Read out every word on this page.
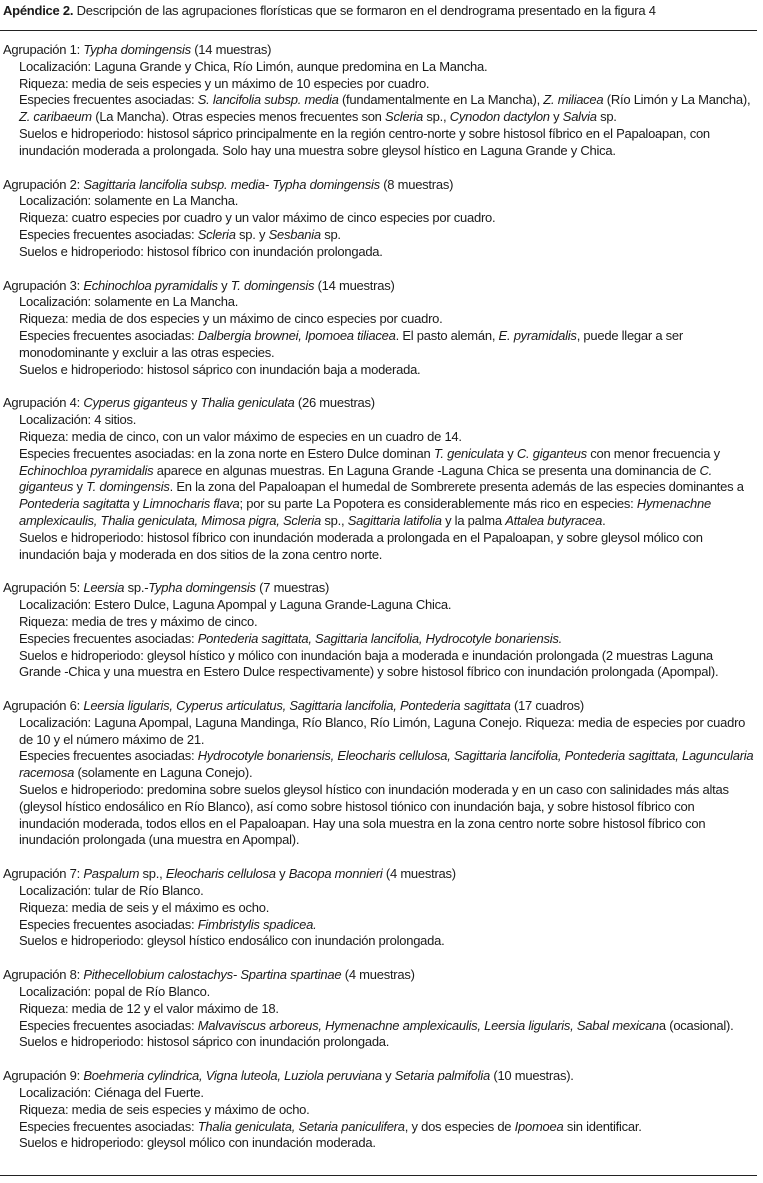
Apéndice 2. Descripción de las agrupaciones florísticas que se formaron en el dendrograma presentado en la figura 4
Agrupación 1: Typha domingensis (14 muestras)
Localización: Laguna Grande y Chica, Río Limón, aunque predomina en La Mancha.
Riqueza: media de seis especies y un máximo de 10 especies por cuadro.
Especies frecuentes asociadas: S. lancifolia subsp. media (fundamentalmente en La Mancha), Z. miliacea (Río Limón y La Mancha), Z. caribaeum (La Mancha). Otras especies menos frecuentes son Scleria sp., Cynodon dactylon y Salvia sp.
Suelos e hidroperiodo: histosol sáprico principalmente en la región centro-norte y sobre histosol fíbrico en el Papaloapan, con inundación moderada a prolongada. Solo hay una muestra sobre gleysol hístico en Laguna Grande y Chica.
Agrupación 2: Sagittaria lancifolia subsp. media- Typha domingensis (8 muestras)
Localización: solamente en La Mancha.
Riqueza: cuatro especies por cuadro y un valor máximo de cinco especies por cuadro.
Especies frecuentes asociadas: Scleria sp. y Sesbania sp.
Suelos e hidroperiodo: histosol fíbrico con inundación prolongada.
Agrupación 3: Echinochloa pyramidalis y T. domingensis (14 muestras)
Localización: solamente en La Mancha.
Riqueza: media de dos especies y un máximo de cinco especies por cuadro.
Especies frecuentes asociadas: Dalbergia brownei, Ipomoea tiliacea. El pasto alemán, E. pyramidalis, puede llegar a ser monodominante y excluir a las otras especies.
Suelos e hidroperiodo: histosol sáprico con inundación baja a moderada.
Agrupación 4: Cyperus giganteus y Thalia geniculata (26 muestras)
Localización: 4 sitios.
Riqueza: media de cinco, con un valor máximo de especies en un cuadro de 14.
Especies frecuentes asociadas: en la zona norte en Estero Dulce dominan T. geniculata y C. giganteus con menor frecuencia y Echinochloa pyramidalis aparece en algunas muestras. En Laguna Grande -Laguna Chica se presenta una dominancia de C. giganteus y T. domingensis. En la zona del Papaloapan el humedal de Sombrerete presenta además de las especies dominantes a Pontederia sagitatta y Limnocharis flava; por su parte La Popotera es considerablemente más rico en especies: Hymenachne amplexicaulis, Thalia geniculata, Mimosa pigra, Scleria sp., Sagittaria latifolia y la palma Attalea butyracea.
Suelos e hidroperiodo: histosol fíbrico con inundación moderada a prolongada en el Papaloapan, y sobre gleysol mólico con inundación baja y moderada en dos sitios de la zona centro norte.
Agrupación 5: Leersia sp.-Typha domingensis (7 muestras)
Localización: Estero Dulce, Laguna Apompal y Laguna Grande-Laguna Chica.
Riqueza: media de tres y máximo de cinco.
Especies frecuentes asociadas: Pontederia sagittata, Sagittaria lancifolia, Hydrocotyle bonariensis.
Suelos e hidroperiodo: gleysol hístico y mólico con inundación baja a moderada e inundación prolongada (2 muestras Laguna Grande -Chica y una muestra en Estero Dulce respectivamente) y sobre histosol fíbrico con inundación prolongada (Apompal).
Agrupación 6: Leersia ligularis, Cyperus articulatus, Sagittaria lancifolia, Pontederia sagittata (17 cuadros)
Localización: Laguna Apompal, Laguna Mandinga, Río Blanco, Río Limón, Laguna Conejo. Riqueza: media de especies por cuadro de 10 y el número máximo de 21.
Especies frecuentes asociadas: Hydrocotyle bonariensis, Eleocharis cellulosa, Sagittaria lancifolia, Pontederia sagittata, Laguncularia racemosa (solamente en Laguna Conejo).
Suelos e hidroperiodo: predomina sobre suelos gleysol hístico con inundación moderada y en un caso con salinidades más altas (gleysol hístico endosálico en Río Blanco), así como sobre histosol tiónico con inundación baja, y sobre histosol fíbrico con inundación moderada, todos ellos en el Papaloapan. Hay una sola muestra en la zona centro norte sobre histosol fíbrico con inundación prolongada (una muestra en Apompal).
Agrupación 7: Paspalum sp., Eleocharis cellulosa y Bacopa monnieri (4 muestras)
Localización: tular de Río Blanco.
Riqueza: media de seis y el máximo es ocho.
Especies frecuentes asociadas: Fimbristylis spadicea.
Suelos e hidroperiodo: gleysol hístico endosálico con inundación prolongada.
Agrupación 8: Pithecellobium calostachys- Spartina spartinae (4 muestras)
Localización: popal de Río Blanco.
Riqueza: media de 12 y el valor máximo de 18.
Especies frecuentes asociadas: Malvaviscus arboreus, Hymenachne amplexicaulis, Leersia ligularis, Sabal mexicana (ocasional).
Suelos e hidroperiodo: histosol sáprico con inundación prolongada.
Agrupación 9: Boehmeria cylindrica, Vigna luteola, Luziola peruviana y Setaria palmifolia (10 muestras).
Localización: Ciénaga del Fuerte.
Riqueza: media de seis especies y máximo de ocho.
Especies frecuentes asociadas: Thalia geniculata, Setaria paniculifera, y dos especies de Ipomoea sin identificar.
Suelos e hidroperiodo: gleysol mólico con inundación moderada.
